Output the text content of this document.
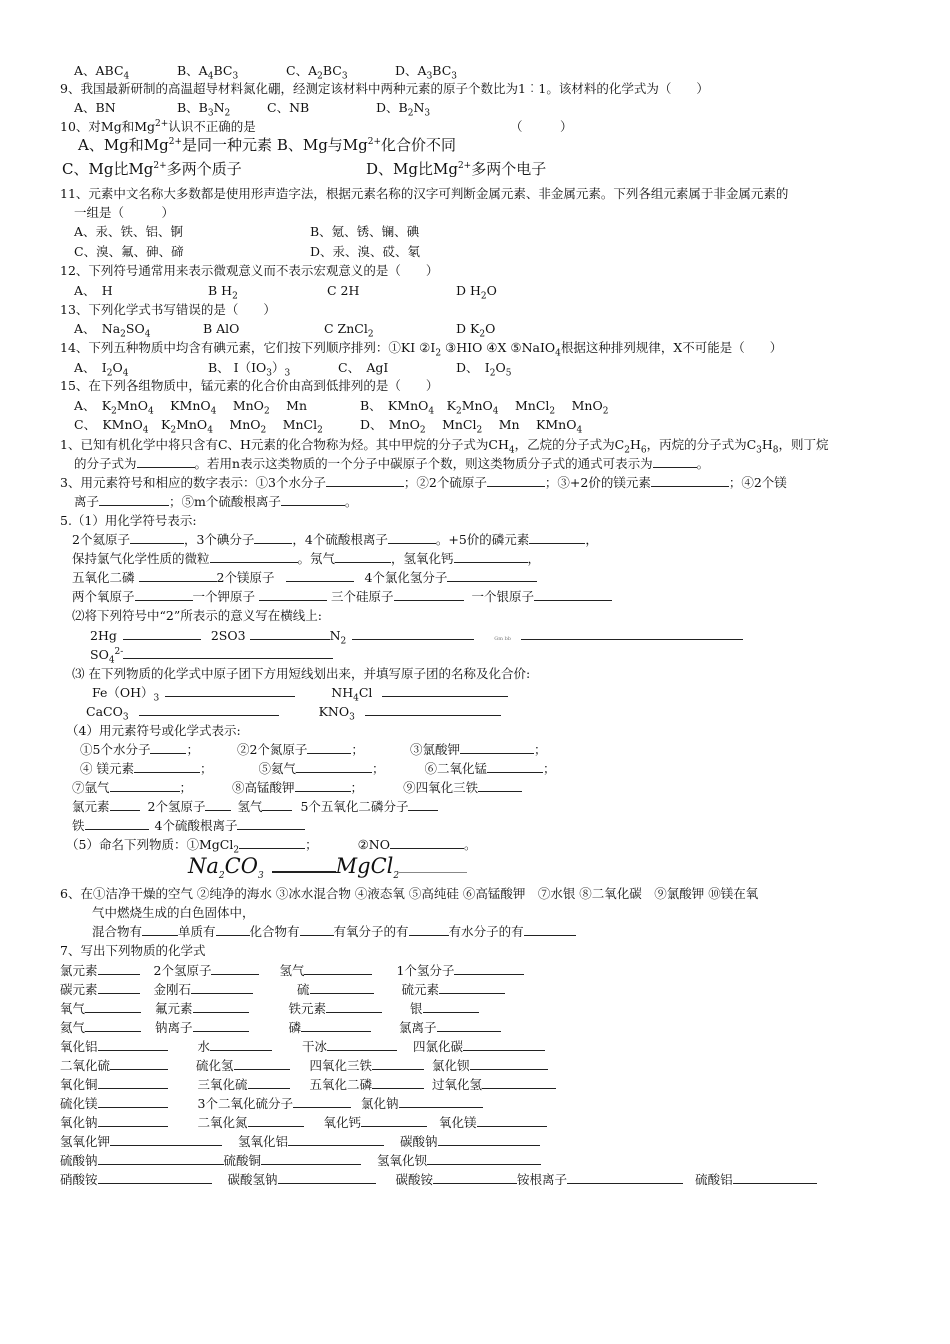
A、$ABC_4$	B、$A_4BC_3$	C、$A_2BC_3$	D、$A_3BC_3$
9、我国最新研制的高温超导材料氮化硼，经测定该材料中两种元素的原子个数比为1︰1。该材料的化学式为（　　）
A、BN	B、$B_3N_2$	C、NB	D、$B_2N_3$
10、对Mg和$Mg^{2+}$认识不正确的是	（　　　）
A、Mg和$Mg^{2+}$是同一种元素 B、Mg与$Mg^{2+}$化合价不同
C、Mg比$Mg^{2+}$多两个质子	D、Mg比$Mg^{2+}$多两个电子
11、元素中文名称大多数都是使用形声造字法，根据元素名称的汉字可判断金属元素、非金属元素。下列各组元素属于非金属元素的
一组是（　　　）
A、汞、铁、铝、锕	B、氪、锈、镧、碘
C、溴、氟、砷、碲	D、汞、溴、砹、氡
12、下列符号通常用来表示微观意义而不表示宏观意义的是（　　）
A、　H	B $H_2$	C 2H	D $H_2O$
13、下列化学式书写错误的是（　　）
A、　$Na_2SO_4$	B AlO	C ZnCl$_2$	D $K_2O$
14、下列五种物质中均含有碘元素，它们按下列顺序排列：①KI $②I_2$ ③HIO ④X ⑤NaIO$_4$根据这种排列规律，X不可能是（　　）
A、　$I_2O_4$	B、 $I(IO_3)_3$	C、　AgI	D、　$I_2O_5$
15、在下列各组物质中，锰元素的化合价由高到低排列的是（　　）
A、　$K_2MnO_4$　 KMnO$_4$　 MnO$_2$　 Mn	B、　KMnO$_4$　$K_2MnO_4$　 MnCl$_2$　 MnO$_2$
C、　KMnO$_4$　$K_2MnO_4$　 MnO$_2$　 MnCl$_2$	D、　MnO$_2$　 MnCl$_2$　 Mn　 KMnO$_4$
1、已知有机化学中将只含有C、H元素的化合物称为烃。其中甲烷的分子式为$CH_4$，乙烷的分子式为$C_2H_6$，丙烷的分子式为$C_3H_8$，则丁烷
的分子式为	。若用n表示这类物质的一个分子中碳原子个数，则这类物质分子式的通式可表示为	。
3、用元素符号和相应的数字表示：①3个水分子	；②2个硫原子	；③+2价的镁元素	；④2个镁
离子	；⑤m个硫酸根离子	。
5.（1）用化学符号表示:
2个氦原子	，3个碘分子	，4个硫酸根离子	。+5价的磷元素	，
保持氯气化学性质的微粒	。氖气	，氢氧化钙	，
五氧化二磷	2个镁原子	4个氯化氢分子
两个氧原子	一个钾原子	三个硅原子	一个银原子
⑵将下列符号中“2”所表示的意义写在横线上:
2Hg	2SO3	$N_2$	Gm bb
$SO_4^{2-}$
⑶ 在下列物质的化学式中原子团下方用短线划出来，并填写原子团的名称及化合价:
$Fe(OH)_3$	$NH_4Cl$
CaCO$_3$	$KNO_3$
（4）用元素符号或化学式表示:
①5个水分子	；	②2个氮原子	；	③氯酸钾	；
④ 镁元素	；	⑤氦气	；	⑥二氧化锰	；
⑦氩气	；	⑧高锰酸钾	；	⑨四氧化三铁
氯元素	2个氢原子	氢气	5个五氧化二磷分子
铁	4个硫酸根离子
（5）命名下列物质：①MgCl$_2$	；	②NO	。
$Na_2CO_3$	MgCl$_2$
6、在①洁净干燥的空气 ②纯净的海水 ③冰水混合物 ④液态氧 ⑤高纯硅 ⑥高锰酸钾　⑦水银 ⑧二氧化碳　⑨氯酸钾 ⑩镁在氧
气中燃烧生成的白色固体中，
混合物有	单质有	化合物有	有氧分子的有	有水分子的有
7、写出下列物质的化学式
氯元素	2个氢原子	氢气	1个氢分子
碳元素	金刚石	硫	硫元素
氧气	氟元素	铁元素	银
氦气	钠离子	磷	氯离子
氧化铝	水	干冰	四氯化碳
二氧化硫	硫化氢	四氧化三铁	氯化钡
氧化铜	三氧化硫	五氧化二磷	过氧化氢
硫化镁	3个二氧化硫分子	氯化钠
氧化钠	二氧化氮	氧化钙	氧化镁
氢氧化钾	氢氧化铝	碳酸钠
硫酸钠	硫酸铜	氢氧化钡
硝酸铵	碳酸氢钠	碳酸铵	铵根离子	硫酸铝
